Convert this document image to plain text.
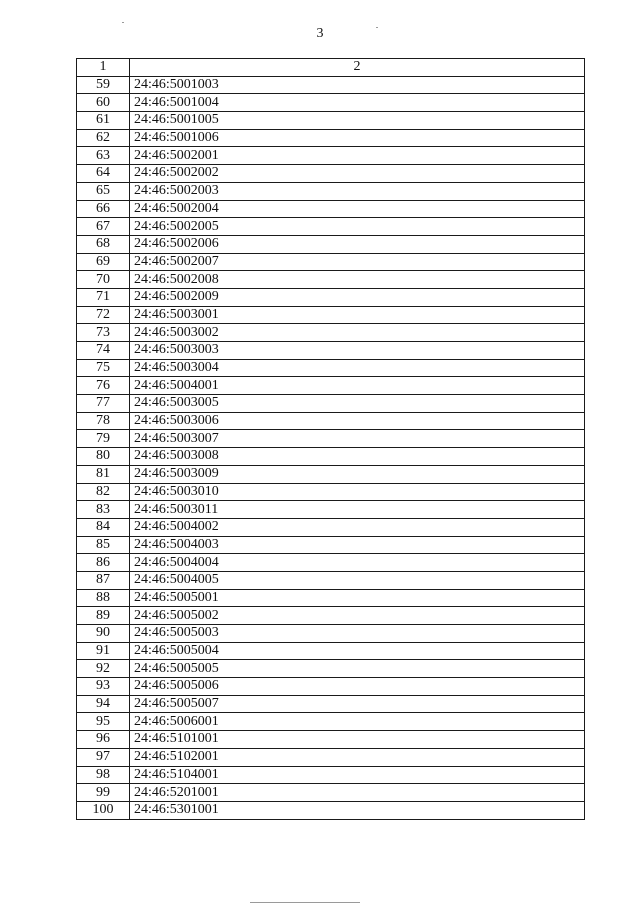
3
1	2
59	24:46:5001003
60	24:46:5001004
61	24:46:5001005
62	24:46:5001006
63	24:46:5002001
64	24:46:5002002
65	24:46:5002003
66	24:46:5002004
67	24:46:5002005
68	24:46:5002006
69	24:46:5002007
70	24:46:5002008
71	24:46:5002009
72	24:46:5003001
73	24:46:5003002
74	24:46:5003003
75	24:46:5003004
76	24:46:5004001
77	24:46:5003005
78	24:46:5003006
79	24:46:5003007
80	24:46:5003008
81	24:46:5003009
82	24:46:5003010
83	24:46:5003011
84	24:46:5004002
85	24:46:5004003
86	24:46:5004004
87	24:46:5004005
88	24:46:5005001
89	24:46:5005002
90	24:46:5005003
91	24:46:5005004
92	24:46:5005005
93	24:46:5005006
94	24:46:5005007
95	24:46:5006001
96	24:46:5101001
97	24:46:5102001
98	24:46:5104001
99	24:46:5201001
100	24:46:5301001
